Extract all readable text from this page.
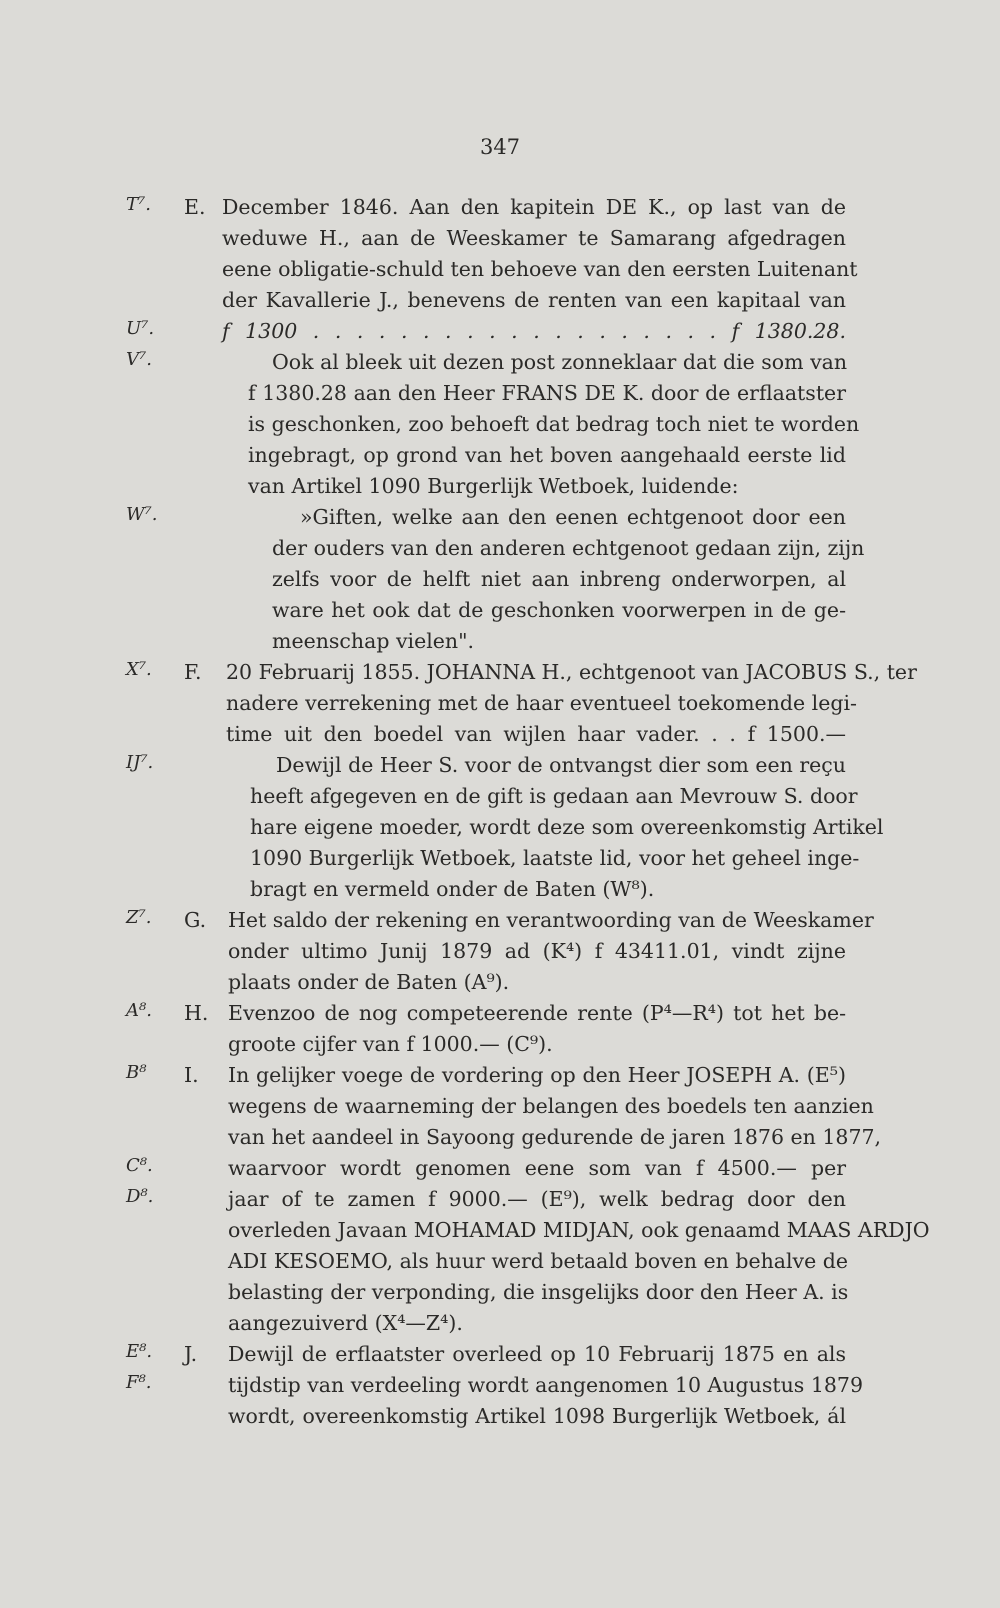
347
T⁷.	E. December 1846. Aan den kapitein DE K., op last van de
weduwe H., aan de Weeskamer te Samarang afgedragen
eene obligatie-schuld ten behoeve van den eersten Luitenant
der Kavallerie J., benevens de renten van een kapitaal van
U⁷.	f 1300 . . . . . . . . . . . . . . . . . . . f 1380.28.
V⁷.	Ook al bleek uit dezen post zonneklaar dat die som van
f 1380.28 aan den Heer FRANS DE K. door de erflaatster
is geschonken, zoo behoeft dat bedrag toch niet te worden
ingebragt, op grond van het boven aangehaald eerste lid
van Artikel 1090 Burgerlijk Wetboek, luidende:
W⁷.	»Giften, welke aan den eenen echtgenoot door een
der ouders van den anderen echtgenoot gedaan zijn, zijn
zelfs voor de helft niet aan inbreng onderworpen, al
ware het ook dat de geschonken voorwerpen in de ge-
meenschap vielen".
X⁷.	F.	20 Februarij 1855. JOHANNA H., echtgenoot van JACOBUS S., ter
nadere verrekening met de haar eventueel toekomende legi-
time uit den boedel van wijlen haar vader. . . f 1500.—
IJ⁷.	Dewijl de Heer S. voor de ontvangst dier som een reçu
heeft afgegeven en de gift is gedaan aan Mevrouw S. door
hare eigene moeder, wordt deze som overeenkomstig Artikel
1090 Burgerlijk Wetboek, laatste lid, voor het geheel inge-
bragt en vermeld onder de Baten (W⁸).
Z⁷.	G.	Het saldo der rekening en verantwoording van de Weeskamer
onder ultimo Junij 1879 ad (K⁴) f 43411.01, vindt zijne
plaats onder de Baten (A⁹).
A⁸.	H. Evenzoo de nog competeerende rente (P⁴—R⁴) tot het be-
groote cijfer van f 1000.— (C⁹).
B⁸	I.	In gelijker voege de vordering op den Heer JOSEPH A. (E⁵)
wegens de waarneming der belangen des boedels ten aanzien
van het aandeel in Sayoong gedurende de jaren 1876 en 1877,
C⁸.	waarvoor wordt genomen eene som van f 4500.— per
D⁸.	jaar of te zamen f 9000.— (E⁹), welk bedrag door den
overleden Javaan MOHAMAD MIDJAN, ook genaamd MAAS ARDJO
ADI KESOEMO, als huur werd betaald boven en behalve de
belasting der verponding, die insgelijks door den Heer A. is
aangezuiverd (X⁴—Z⁴).
E⁸.	J.	Dewijl de erflaatster overleed op 10 Februarij 1875 en als
F⁸.	tijdstip van verdeeling wordt aangenomen 10 Augustus 1879
wordt, overeenkomstig Artikel 1098 Burgerlijk Wetboek, ál
